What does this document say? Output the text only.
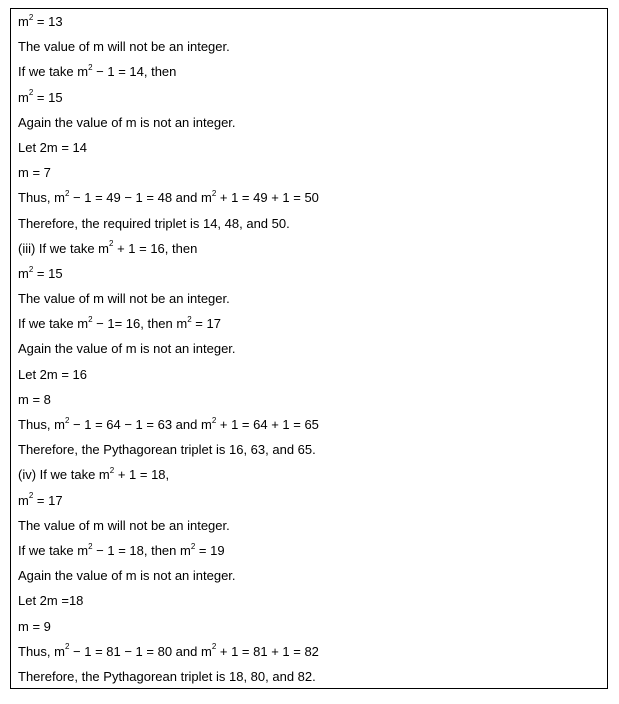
$m^2 = 13$
The value of m will not be an integer.
If we take $m^2 - 1 = 14$, then
$m^2 = 15$
Again the value of m is not an integer.
Let 2m = 14
m = 7
Thus, $m^2 - 1 = 49 - 1 = 48$ and $m^2 + 1 = 49 + 1 = 50$
Therefore, the required triplet is 14, 48, and 50.
(iii) If we take $m^2 + 1 = 16$, then
$m^2 = 15$
The value of m will not be an integer.
If we take $m^2 - 1= 16$, then $m^2 = 17$
Again the value of m is not an integer.
Let 2m = 16
m = 8
Thus, $m^2 - 1 = 64 - 1 = 63$ and $m^2 + 1 = 64 + 1 = 65$
Therefore, the Pythagorean triplet is 16, 63, and 65.
(iv) If we take $m^2 + 1 = 18$,
$m^2 = 17$
The value of m will not be an integer.
If we take $m^2 - 1 = 18$, then $m^2 = 19$
Again the value of m is not an integer.
Let 2m =18
m = 9
Thus, $m^2 - 1 = 81 - 1 = 80$ and $m^2 + 1 = 81 + 1 = 82$
Therefore, the Pythagorean triplet is 18, 80, and 82.
